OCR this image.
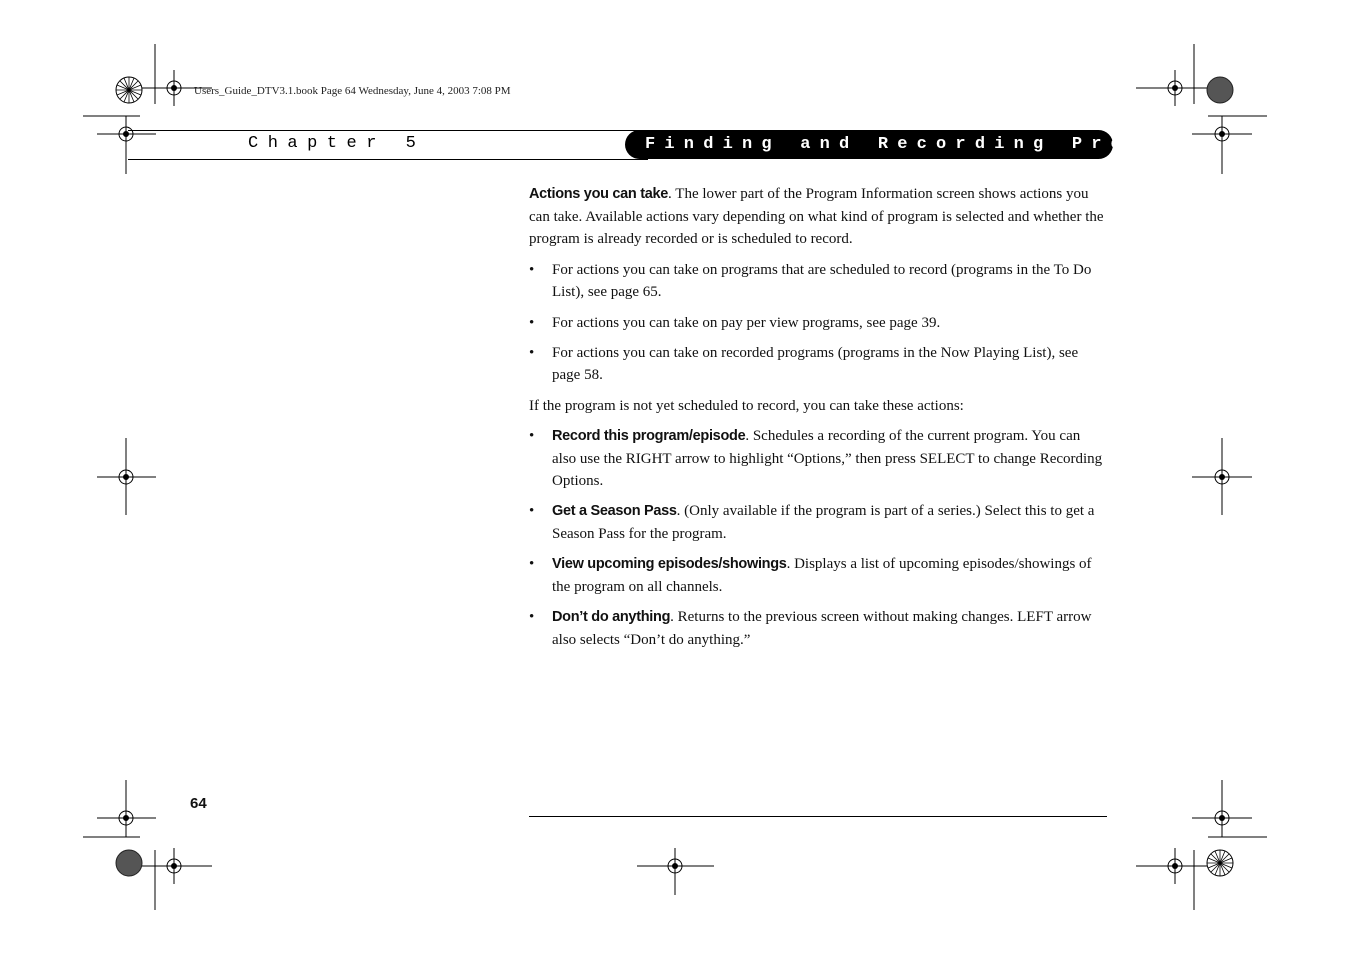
Users_Guide_DTV3.1.book Page 64 Wednesday, June 4, 2003 7:08 PM
Chapter 5	Finding and Recording Programs

Actions you can take. The lower part of the Program Information screen shows actions you can take. Available actions vary depending on what kind of program is selected and whether the program is already recorded or is scheduled to record.

• For actions you can take on programs that are scheduled to record (programs in the To Do List), see page 65.
• For actions you can take on pay per view programs, see page 39.
• For actions you can take on recorded programs (programs in the Now Playing List), see page 58.

If the program is not yet scheduled to record, you can take these actions:

• Record this program/episode. Schedules a recording of the current program. You can also use the RIGHT arrow to highlight “Options,” then press SELECT to change Recording Options.
• Get a Season Pass. (Only available if the program is part of a series.) Select this to get a Season Pass for the program.
• View upcoming episodes/showings. Displays a list of upcoming episodes/showings of the program on all channels.
• Don’t do anything. Returns to the previous screen without making changes. LEFT arrow also selects “Don’t do anything.”
64
